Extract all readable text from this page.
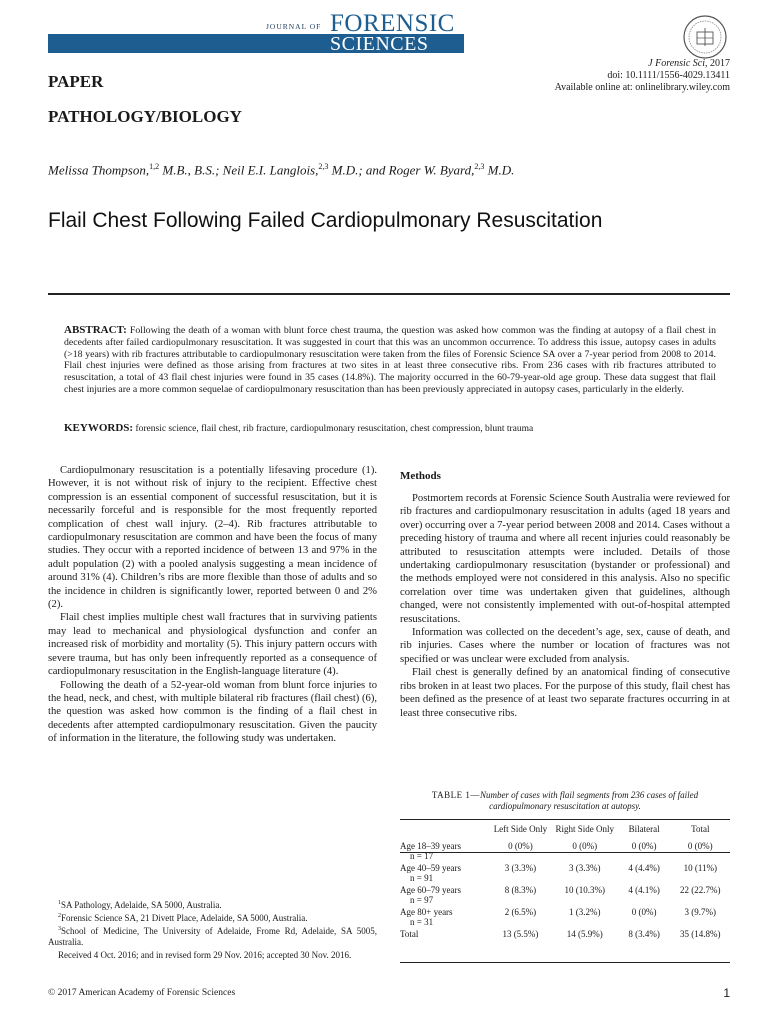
JOURNAL OF FORENSIC
SCIENCES
J Forensic Sci, 2017
doi: 10.1111/1556-4029.13411
Available online at: onlinelibrary.wiley.com
PAPER
PATHOLOGY/BIOLOGY
Melissa Thompson,$^{1,2}$ M.B., B.S.; Neil E.I. Langlois,$^{2,3}$ M.D.; and Roger W. Byard,$^{2,3}$ M.D.
Flail Chest Following Failed Cardiopulmonary Resuscitation
ABSTRACT: Following the death of a woman with blunt force chest trauma, the question was asked how common was the finding at autopsy of a flail chest in decedents after failed cardiopulmonary resuscitation. It was suggested in court that this was an uncommon occurrence. To address this issue, autopsy cases in adults (>18 years) with rib fractures attributable to cardiopulmonary resuscitation were taken from the files of Forensic Science SA over a 7-year period from 2008 to 2014. Flail chest injuries were defined as those arising from fractures at two sites in at least three consecutive ribs. From 236 cases with rib fractures attributed to resuscitation, a total of 43 flail chest injuries were found in 35 cases (14.8%). The majority occurred in the 60-79-year-old age group. These data suggest that flail chest injuries are a more common sequelae of cardiopulmonary resuscitation than has been previously appreciated in autopsy cases, particularly in the elderly.
KEYWORDS: forensic science, flail chest, rib fracture, cardiopulmonary resuscitation, chest compression, blunt trauma

Cardiopulmonary resuscitation is a potentially lifesaving procedure (1). However, it is not without risk of injury to the recipient. Effective chest compression is an essential component of successful resuscitation, but it is necessarily forceful and is responsible for the most frequently reported complication of chest wall injury. (2–4). Rib fractures attributable to cardiopulmonary resuscitation are common and have been the focus of many studies. They occur with a reported incidence of between 13 and 97% in the adult population (2) with a pooled analysis suggesting a mean incidence of around 31% (4). Children’s ribs are more flexible than those of adults and so the incidence in children is significantly lower, reported between 0 and 2% (2).

Flail chest implies multiple chest wall fractures that in surviving patients may lead to mechanical and physiological dysfunction and confer an increased risk of morbidity and mortality (5). This injury pattern occurs with severe trauma, but has only been infrequently reported as a consequence of cardiopulmonary resuscitation in the English-language literature (4).

Following the death of a 52-year-old woman from blunt force injuries to the head, neck, and chest, with multiple bilateral rib fractures (flail chest) (6), the question was asked how common is the finding of a flail chest in decedents after attempted cardiopulmonary resuscitation. Given the paucity of information in the literature, the following study was undertaken.

$^1$SA Pathology, Adelaide, SA 5000, Australia.

$^2$Forensic Science SA, 21 Divett Place, Adelaide, SA 5000, Australia.

$^3$School of Medicine, The University of Adelaide, Frome Rd, Adelaide, SA 5005, Australia.

Received 4 Oct. 2016; and in revised form 29 Nov. 2016; accepted 30 Nov. 2016.

Methods

Postmortem records at Forensic Science South Australia were reviewed for rib fractures and cardiopulmonary resuscitation in adults (aged 18 years and over) occurring over a 7-year period between 2008 and 2014. Cases without a preceding history of trauma and where all recent injuries could reasonably be attributed to resuscitation attempts were included. Details of those undertaking cardiopulmonary resuscitation (bystander or professional) and the methods employed were not considered in this analysis. Also no specific correlation over time was undertaken given that guidelines, although changed, were not consistently implemented with out-of-hospital attempted resuscitations.

Information was collected on the decedent’s age, sex, cause of death, and rib injuries. Cases where the number or location of fractures was not specified or was unclear were excluded from analysis.

Flail chest is generally defined by an anatomical finding of consecutive ribs broken in at least two places. For the purpose of this study, flail chest has been defined as the presence of at least two separate fractures occurring in at least three consecutive ribs.

TABLE 1—Number of cases with flail segments from 236 cases of failed cardiopulmonary resuscitation at autopsy.
	Left Side Only	Right Side Only	Bilateral	Total
Age 18–39 years
n = 17	0 (0%)	0 (0%)	0 (0%)	0 (0%)
Age 40–59 years
n = 91	3 (3.3%)	3 (3.3%)	4 (4.4%)	10 (11%)
Age 60–79 years
n = 97	8 (8.3%)	10 (10.3%)	4 (4.1%)	22 (22.7%)
Age 80+ years
n = 31	2 (6.5%)	1 (3.2%)	0 (0%)	3 (9.7%)
Total	13 (5.5%)	14 (5.9%)	8 (3.4%)	35 (14.8%)
© 2017 American Academy of Forensic Sciences	1
